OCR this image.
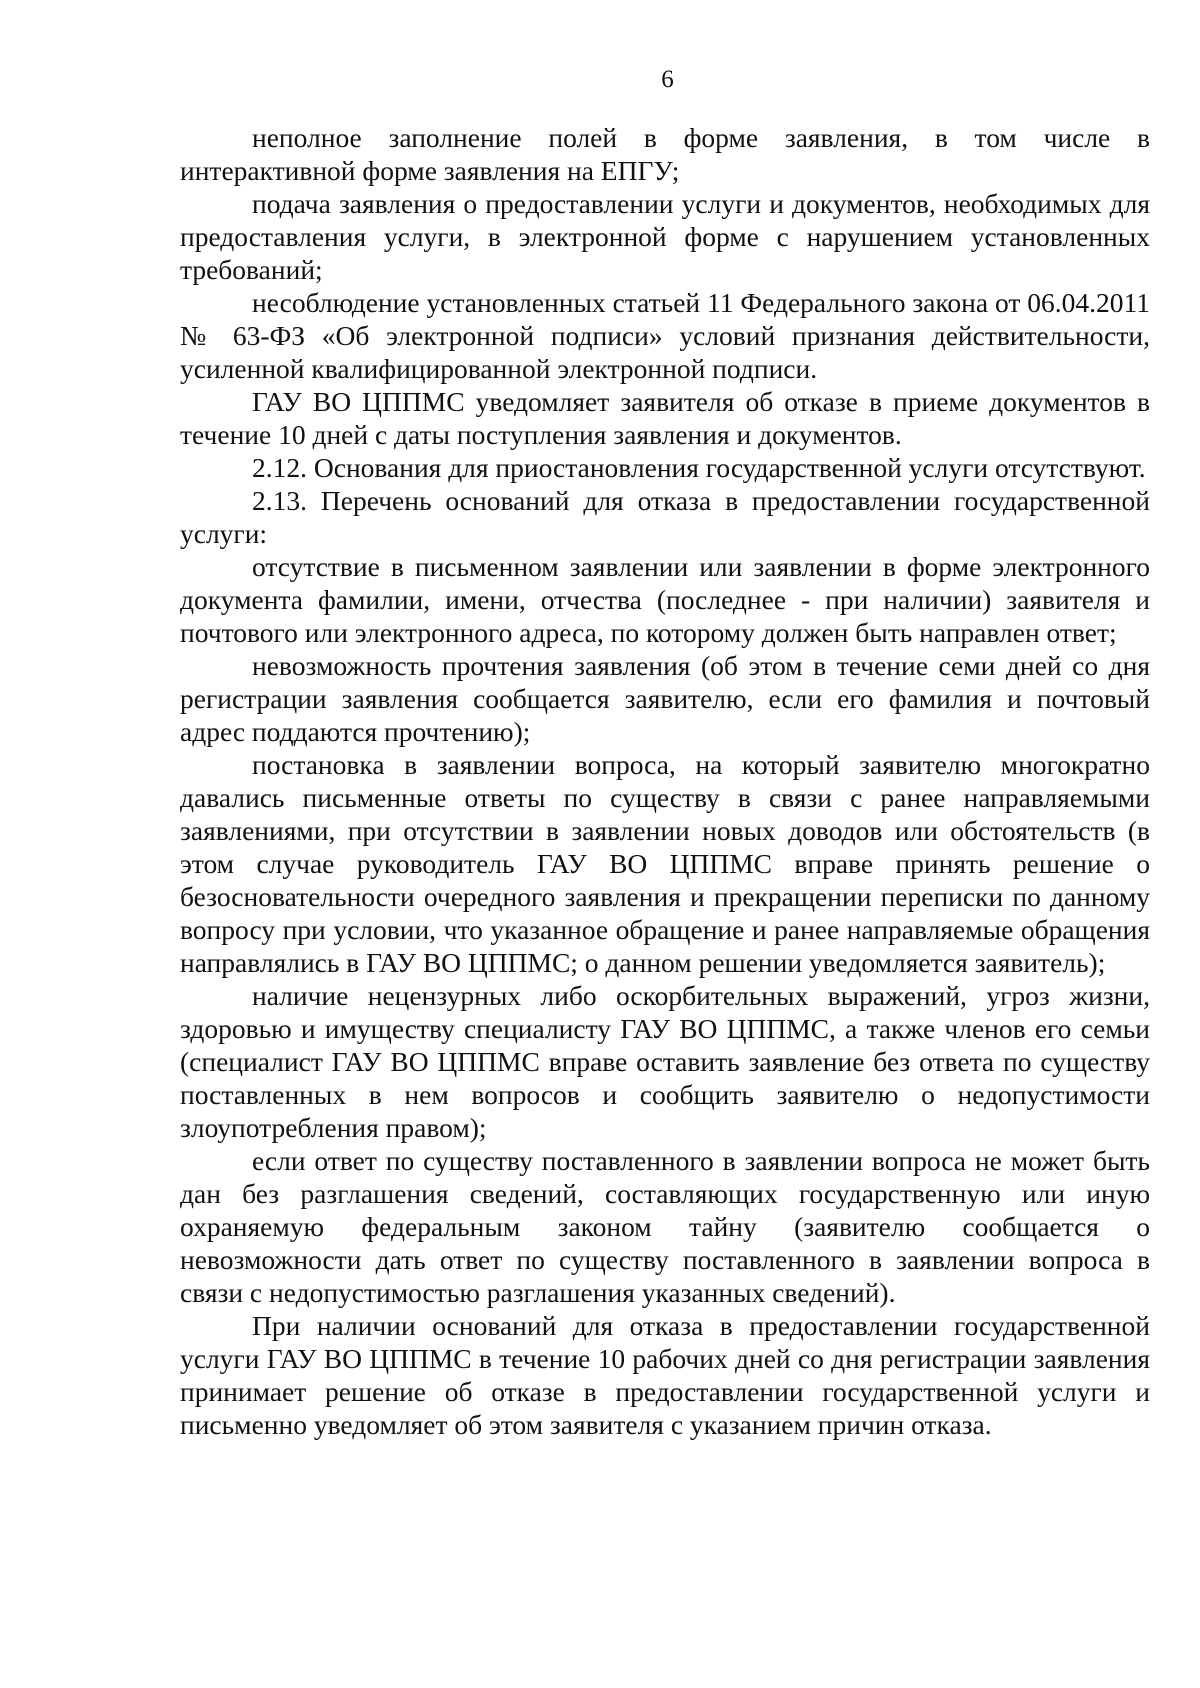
6

неполное заполнение полей в форме заявления, в том числе в интерактивной форме заявления на ЕПГУ;

подача заявления о предоставлении услуги и документов, необходимых для предоставления услуги, в электронной форме с нарушением установленных требований;

несоблюдение установленных статьей 11 Федерального закона от 06.04.2011 № 63-ФЗ «Об электронной подписи» условий признания действительности, усиленной квалифицированной электронной подписи.

ГАУ ВО ЦППМС уведомляет заявителя об отказе в приеме документов в течение 10 дней с даты поступления заявления и документов.

2.12. Основания для приостановления государственной услуги отсутствуют.

2.13. Перечень оснований для отказа в предоставлении государственной услуги:

отсутствие в письменном заявлении или заявлении в форме электронного документа фамилии, имени, отчества (последнее - при наличии) заявителя и почтового или электронного адреса, по которому должен быть направлен ответ;

невозможность прочтения заявления (об этом в течение семи дней со дня регистрации заявления сообщается заявителю, если его фамилия и почтовый адрес поддаются прочтению);

постановка в заявлении вопроса, на который заявителю многократно давались письменные ответы по существу в связи с ранее направляемыми заявлениями, при отсутствии в заявлении новых доводов или обстоятельств (в этом случае руководитель ГАУ ВО ЦППМС вправе принять решение о безосновательности очередного заявления и прекращении переписки по данному вопросу при условии, что указанное обращение и ранее направляемые обращения направлялись в ГАУ ВО ЦППМС; о данном решении уведомляется заявитель);

наличие нецензурных либо оскорбительных выражений, угроз жизни, здоровью и имуществу специалисту ГАУ ВО ЦППМС, а также членов его семьи (специалист ГАУ ВО ЦППМС вправе оставить заявление без ответа по существу поставленных в нем вопросов и сообщить заявителю о недопустимости злоупотребления правом);

если ответ по существу поставленного в заявлении вопроса не может быть дан без разглашения сведений, составляющих государственную или иную охраняемую федеральным законом тайну (заявителю сообщается о невозможности дать ответ по существу поставленного в заявлении вопроса в связи с недопустимостью разглашения указанных сведений).

При наличии оснований для отказа в предоставлении государственной услуги ГАУ ВО ЦППМС в течение 10 рабочих дней со дня регистрации заявления принимает решение об отказе в предоставлении государственной услуги и письменно уведомляет об этом заявителя с указанием причин отказа.
